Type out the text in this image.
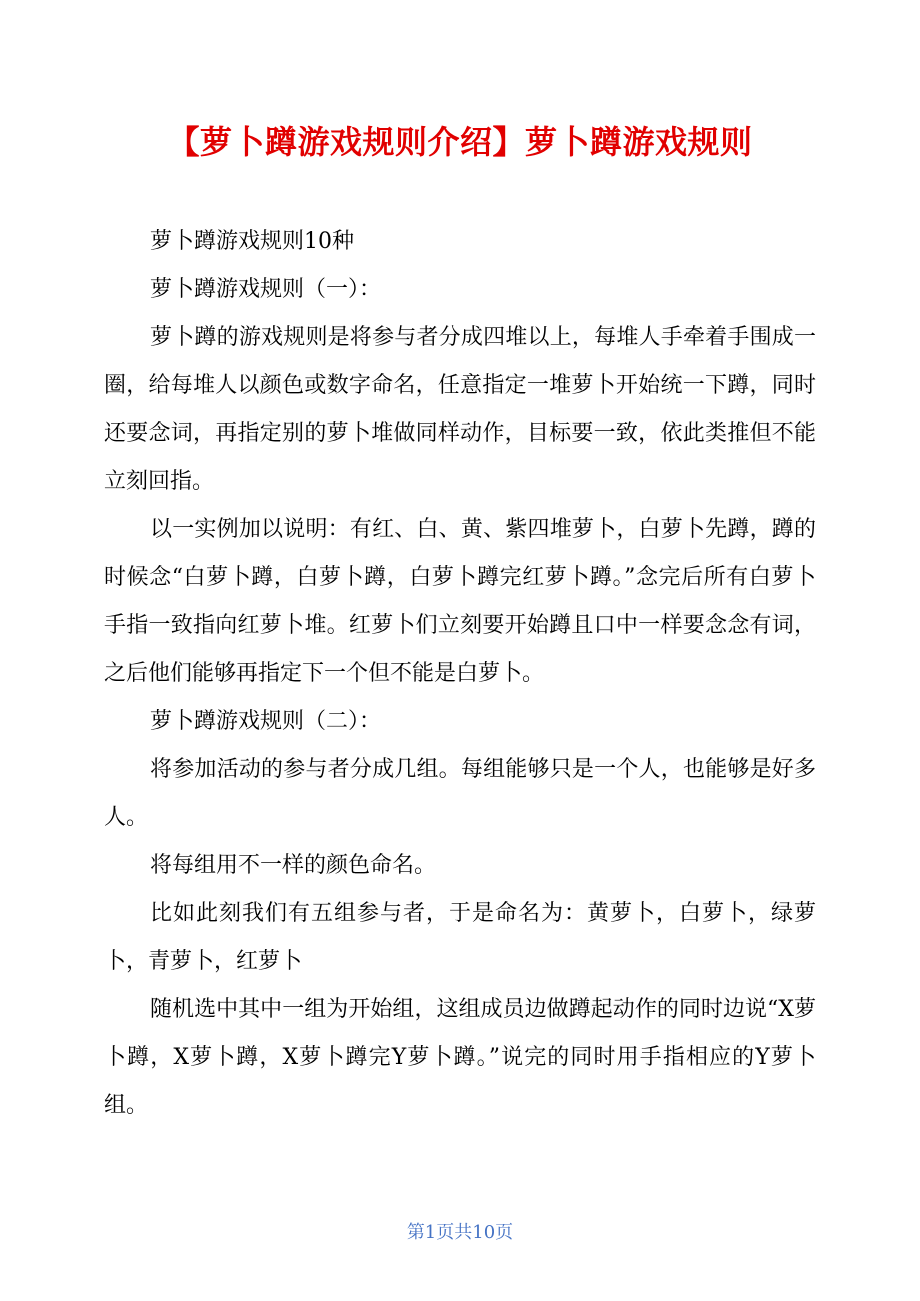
【萝卜蹲游戏规则介绍】萝卜蹲游戏规则

萝卜蹲游戏规则10种

萝卜蹲游戏规则（一）：

萝卜蹲的游戏规则是将参与者分成四堆以上，每堆人手牵着手围成一圈，给每堆人以颜色或数字命名，任意指定一堆萝卜开始统一下蹲，同时还要念词，再指定别的萝卜堆做同样动作，目标要一致，依此类推但不能立刻回指。

以一实例加以说明：有红、白、黄、紫四堆萝卜，白萝卜先蹲，蹲的时候念“白萝卜蹲，白萝卜蹲，白萝卜蹲完红萝卜蹲。”念完后所有白萝卜手指一致指向红萝卜堆。红萝卜们立刻要开始蹲且口中一样要念念有词，之后他们能够再指定下一个但不能是白萝卜。

萝卜蹲游戏规则（二）：

将参加活动的参与者分成几组。每组能够只是一个人，也能够是好多人。

将每组用不一样的颜色命名。

比如此刻我们有五组参与者，于是命名为：黄萝卜，白萝卜，绿萝卜，青萝卜，红萝卜

随机选中其中一组为开始组，这组成员边做蹲起动作的同时边说“X萝卜蹲，X萝卜蹲，X萝卜蹲完Y萝卜蹲。”说完的同时用手指相应的Y萝卜组。

第1页共10页
